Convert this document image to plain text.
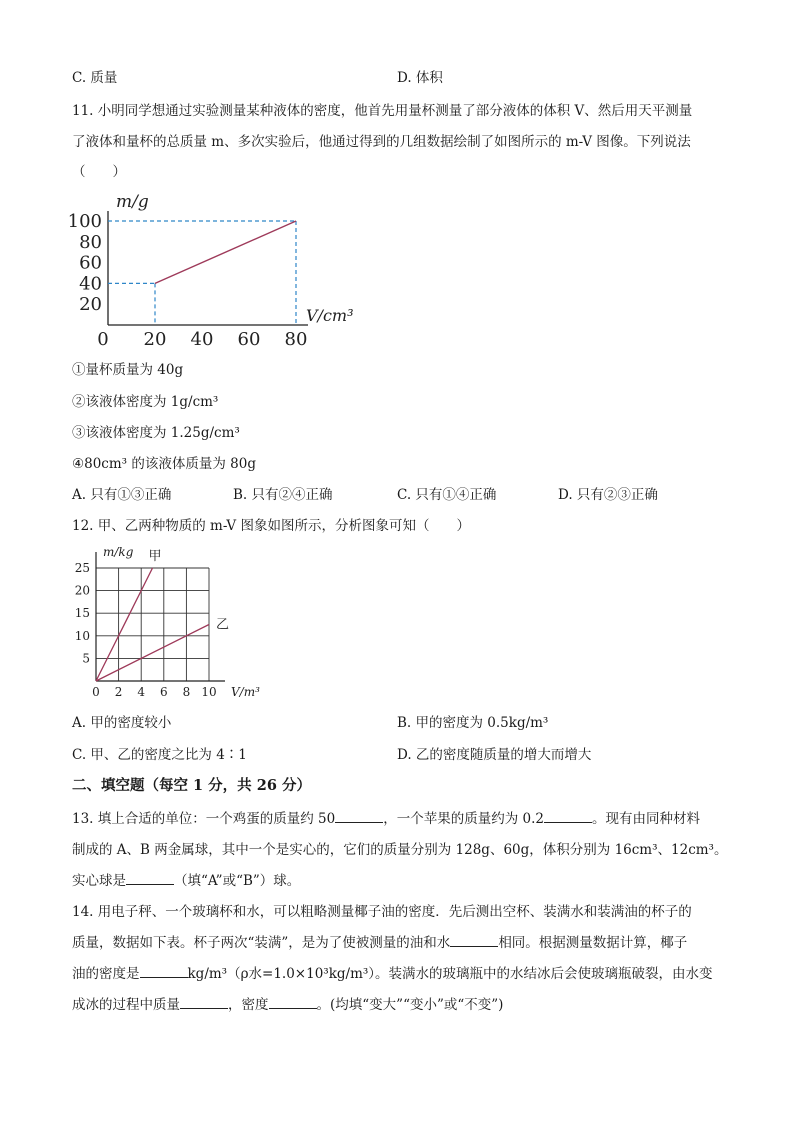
C. 质量	D. 体积
11. 小明同学想通过实验测量某种液体的密度，他首先用量杯测量了部分液体的体积 V、然后用天平测量
了液体和量杯的总质量 m、多次实验后，他通过得到的几组数据绘制了如图所示的 m-V 图像。下列说法
（　　）
20
40
60
80
100
0 20 40 60 80
m/g
V/cm³
①量杯质量为 40g
②该液体密度为 1g/cm³
③该液体密度为 1.25g/cm³
④80cm³ 的该液体质量为 80g
A. 只有①③正确	B. 只有②④正确	C. 只有①④正确	D. 只有②③正确
12. 甲、乙两种物质的 m-V 图象如图所示，分析图象可知（　　）
5
10
15
20
25
0 2 4 6 8 10
甲
乙
m/kg
V/m³
A. 甲的密度较小	B. 甲的密度为 0.5kg/m³
C. 甲、乙的密度之比为 4∶1	D. 乙的密度随质量的增大而增大
二、填空题（每空 1 分，共 26 分）
13. 填上合适的单位：一个鸡蛋的质量约 50	，一个苹果的质量约为 0.2	。现有由同种材料
制成的 A、B 两金属球，其中一个是实心的，它们的质量分别为 128g、60g，体积分别为 16cm³、12cm³。
实心球是	（填“A”或“B”）球。
14. 用电子秤、一个玻璃杯和水，可以粗略测量椰子油的密度．先后测出空杯、装满水和装满油的杯子的
质量，数据如下表。杯子两次“装满”，是为了使被测量的油和水	相同。根据测量数据计算，椰子
油的密度是	kg/m³（ρ水=1.0×10³kg/m³）。装满水的玻璃瓶中的水结冰后会使玻璃瓶破裂，由水变
成冰的过程中质量	，密度	。(均填“变大”“变小”或“不变”)
